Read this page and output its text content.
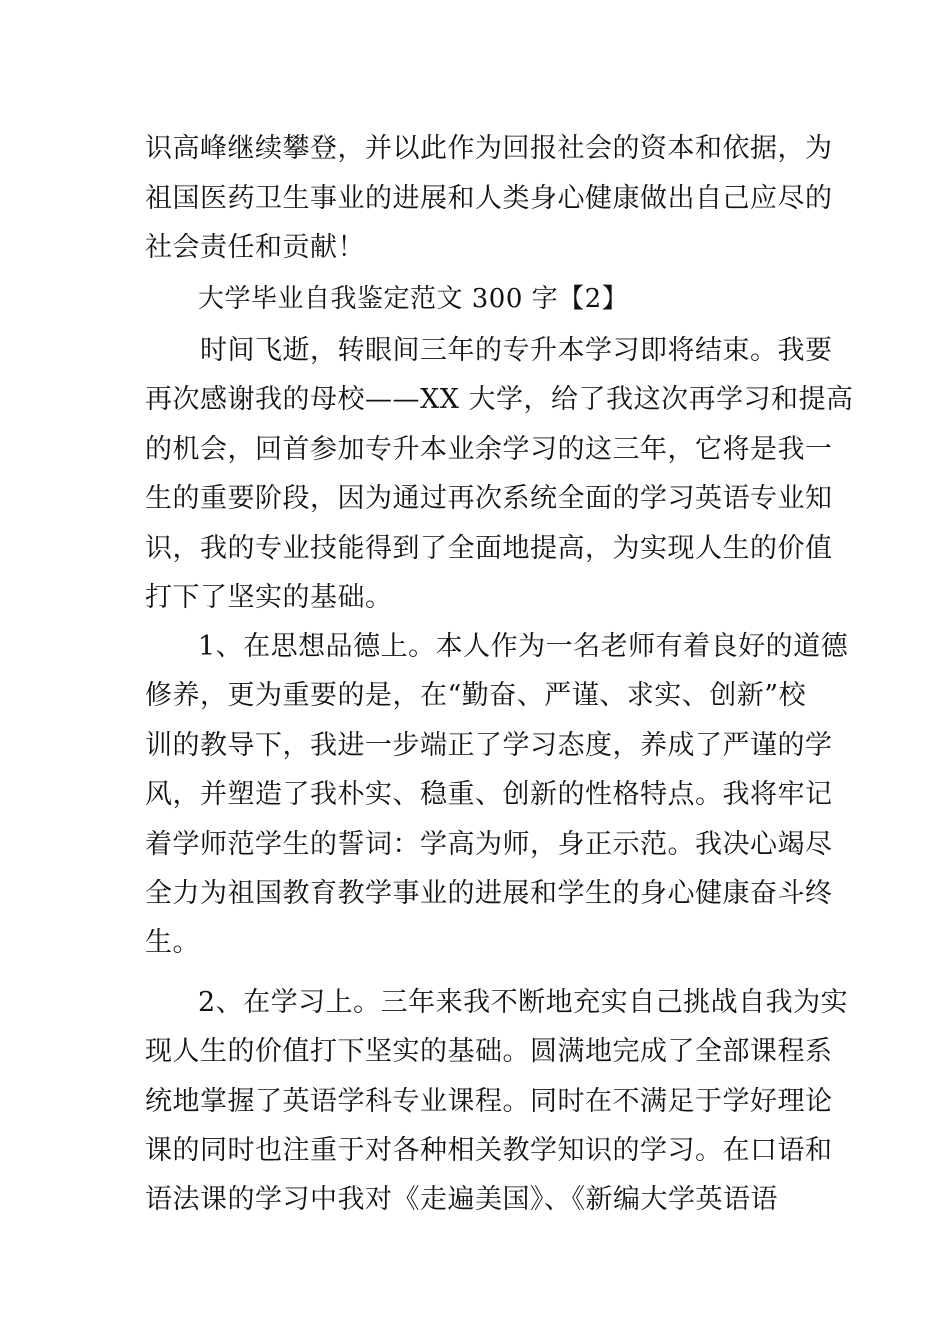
识高峰继续攀登，并以此作为回报社会的资本和依据，为
祖国医药卫生事业的进展和人类身心健康做出自己应尽的
社会责任和贡献！
大学毕业自我鉴定范文 300 字【2】
时间飞逝，转眼间三年的专升本学习即将结束。我要
再次感谢我的母校——XX 大学，给了我这次再学习和提高
的机会，回首参加专升本业余学习的这三年，它将是我一
生的重要阶段，因为通过再次系统全面的学习英语专业知
识，我的专业技能得到了全面地提高，为实现人生的价值
打下了坚实的基础。
1、在思想品德上。本人作为一名老师有着良好的道德
修养，更为重要的是，在“勤奋、严谨、求实、创新”校
训的教导下，我进一步端正了学习态度，养成了严谨的学
风，并塑造了我朴实、稳重、创新的性格特点。我将牢记
着学师范学生的誓词：学高为师，身正示范。我决心竭尽
全力为祖国教育教学事业的进展和学生的身心健康奋斗终
生。
2、在学习上。三年来我不断地充实自己挑战自我为实
现人生的价值打下坚实的基础。圆满地完成了全部课程系
统地掌握了英语学科专业课程。同时在不满足于学好理论
课的同时也注重于对各种相关教学知识的学习。在口语和
语法课的学习中我对《走遍美国》、《新编大学英语语
